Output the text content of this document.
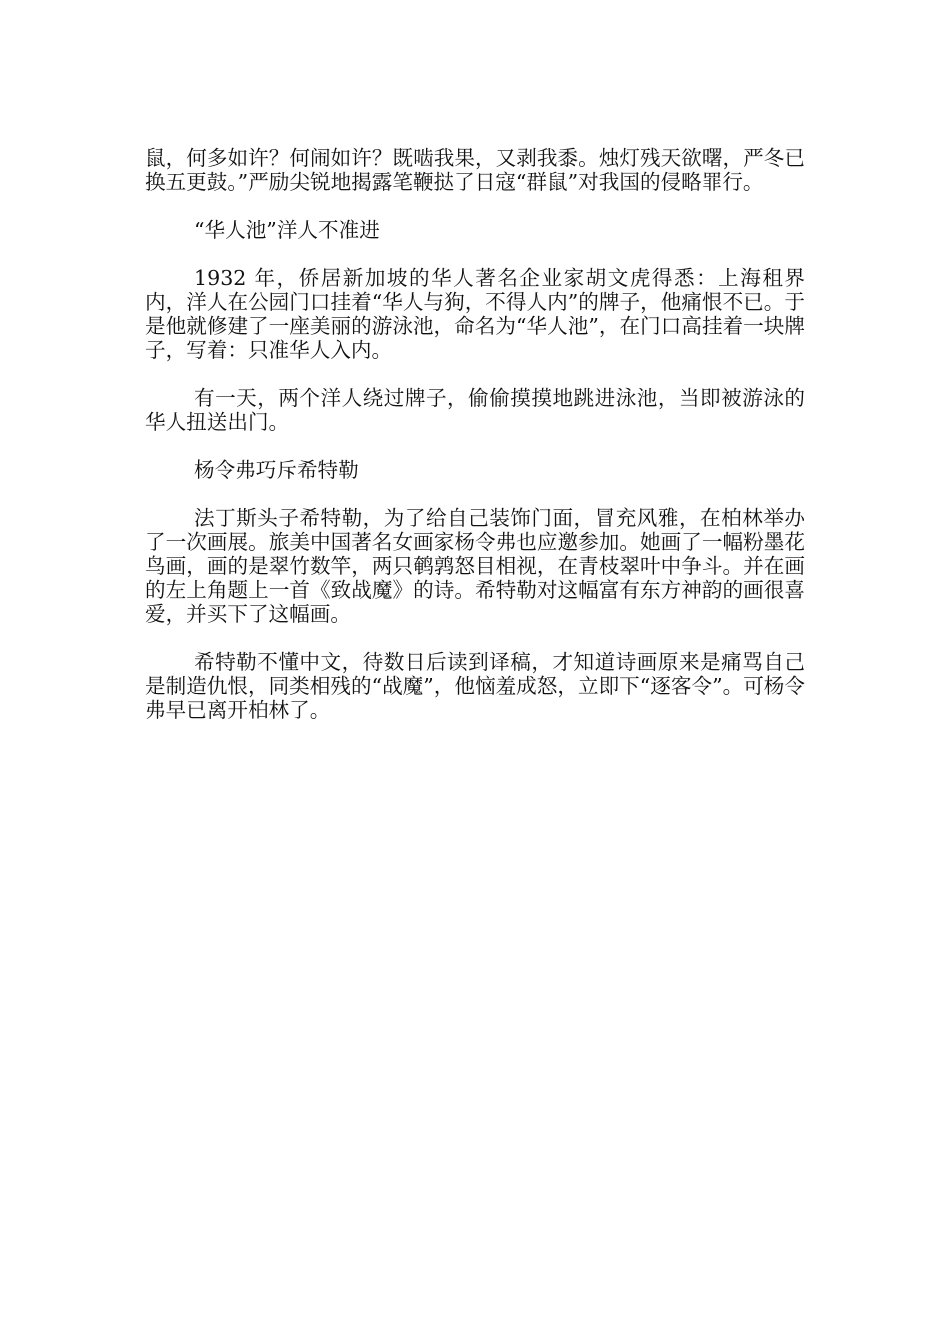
鼠，何多如许？何闹如许？既啮我果，又剥我黍。烛灯残天欲曙，严冬已换五更鼓。”严励尖锐地揭露笔鞭挞了日寇“群鼠”对我国的侵略罪行。

“华人池”洋人不准进

1932 年，侨居新加坡的华人著名企业家胡文虎得悉：上海租界内，洋人在公园门口挂着“华人与狗，不得人内”的牌子，他痛恨不已。于是他就修建了一座美丽的游泳池，命名为“华人池”，在门口高挂着一块牌子，写着：只准华人入内。

有一天，两个洋人绕过牌子，偷偷摸摸地跳进泳池，当即被游泳的华人扭送出门。

杨令弗巧斥希特勒

法丁斯头子希特勒，为了给自己装饰门面，冒充风雅，在柏林举办了一次画展。旅美中国著名女画家杨令弗也应邀参加。她画了一幅粉墨花鸟画，画的是翠竹数竿，两只鹌鹑怒目相视，在青枝翠叶中争斗。并在画的左上角题上一首《致战魔》的诗。希特勒对这幅富有东方神韵的画很喜爱，并买下了这幅画。

希特勒不懂中文，待数日后读到译稿，才知道诗画原来是痛骂自己是制造仇恨，同类相残的“战魔”，他恼羞成怒，立即下“逐客令”。可杨令弗早已离开柏林了。
